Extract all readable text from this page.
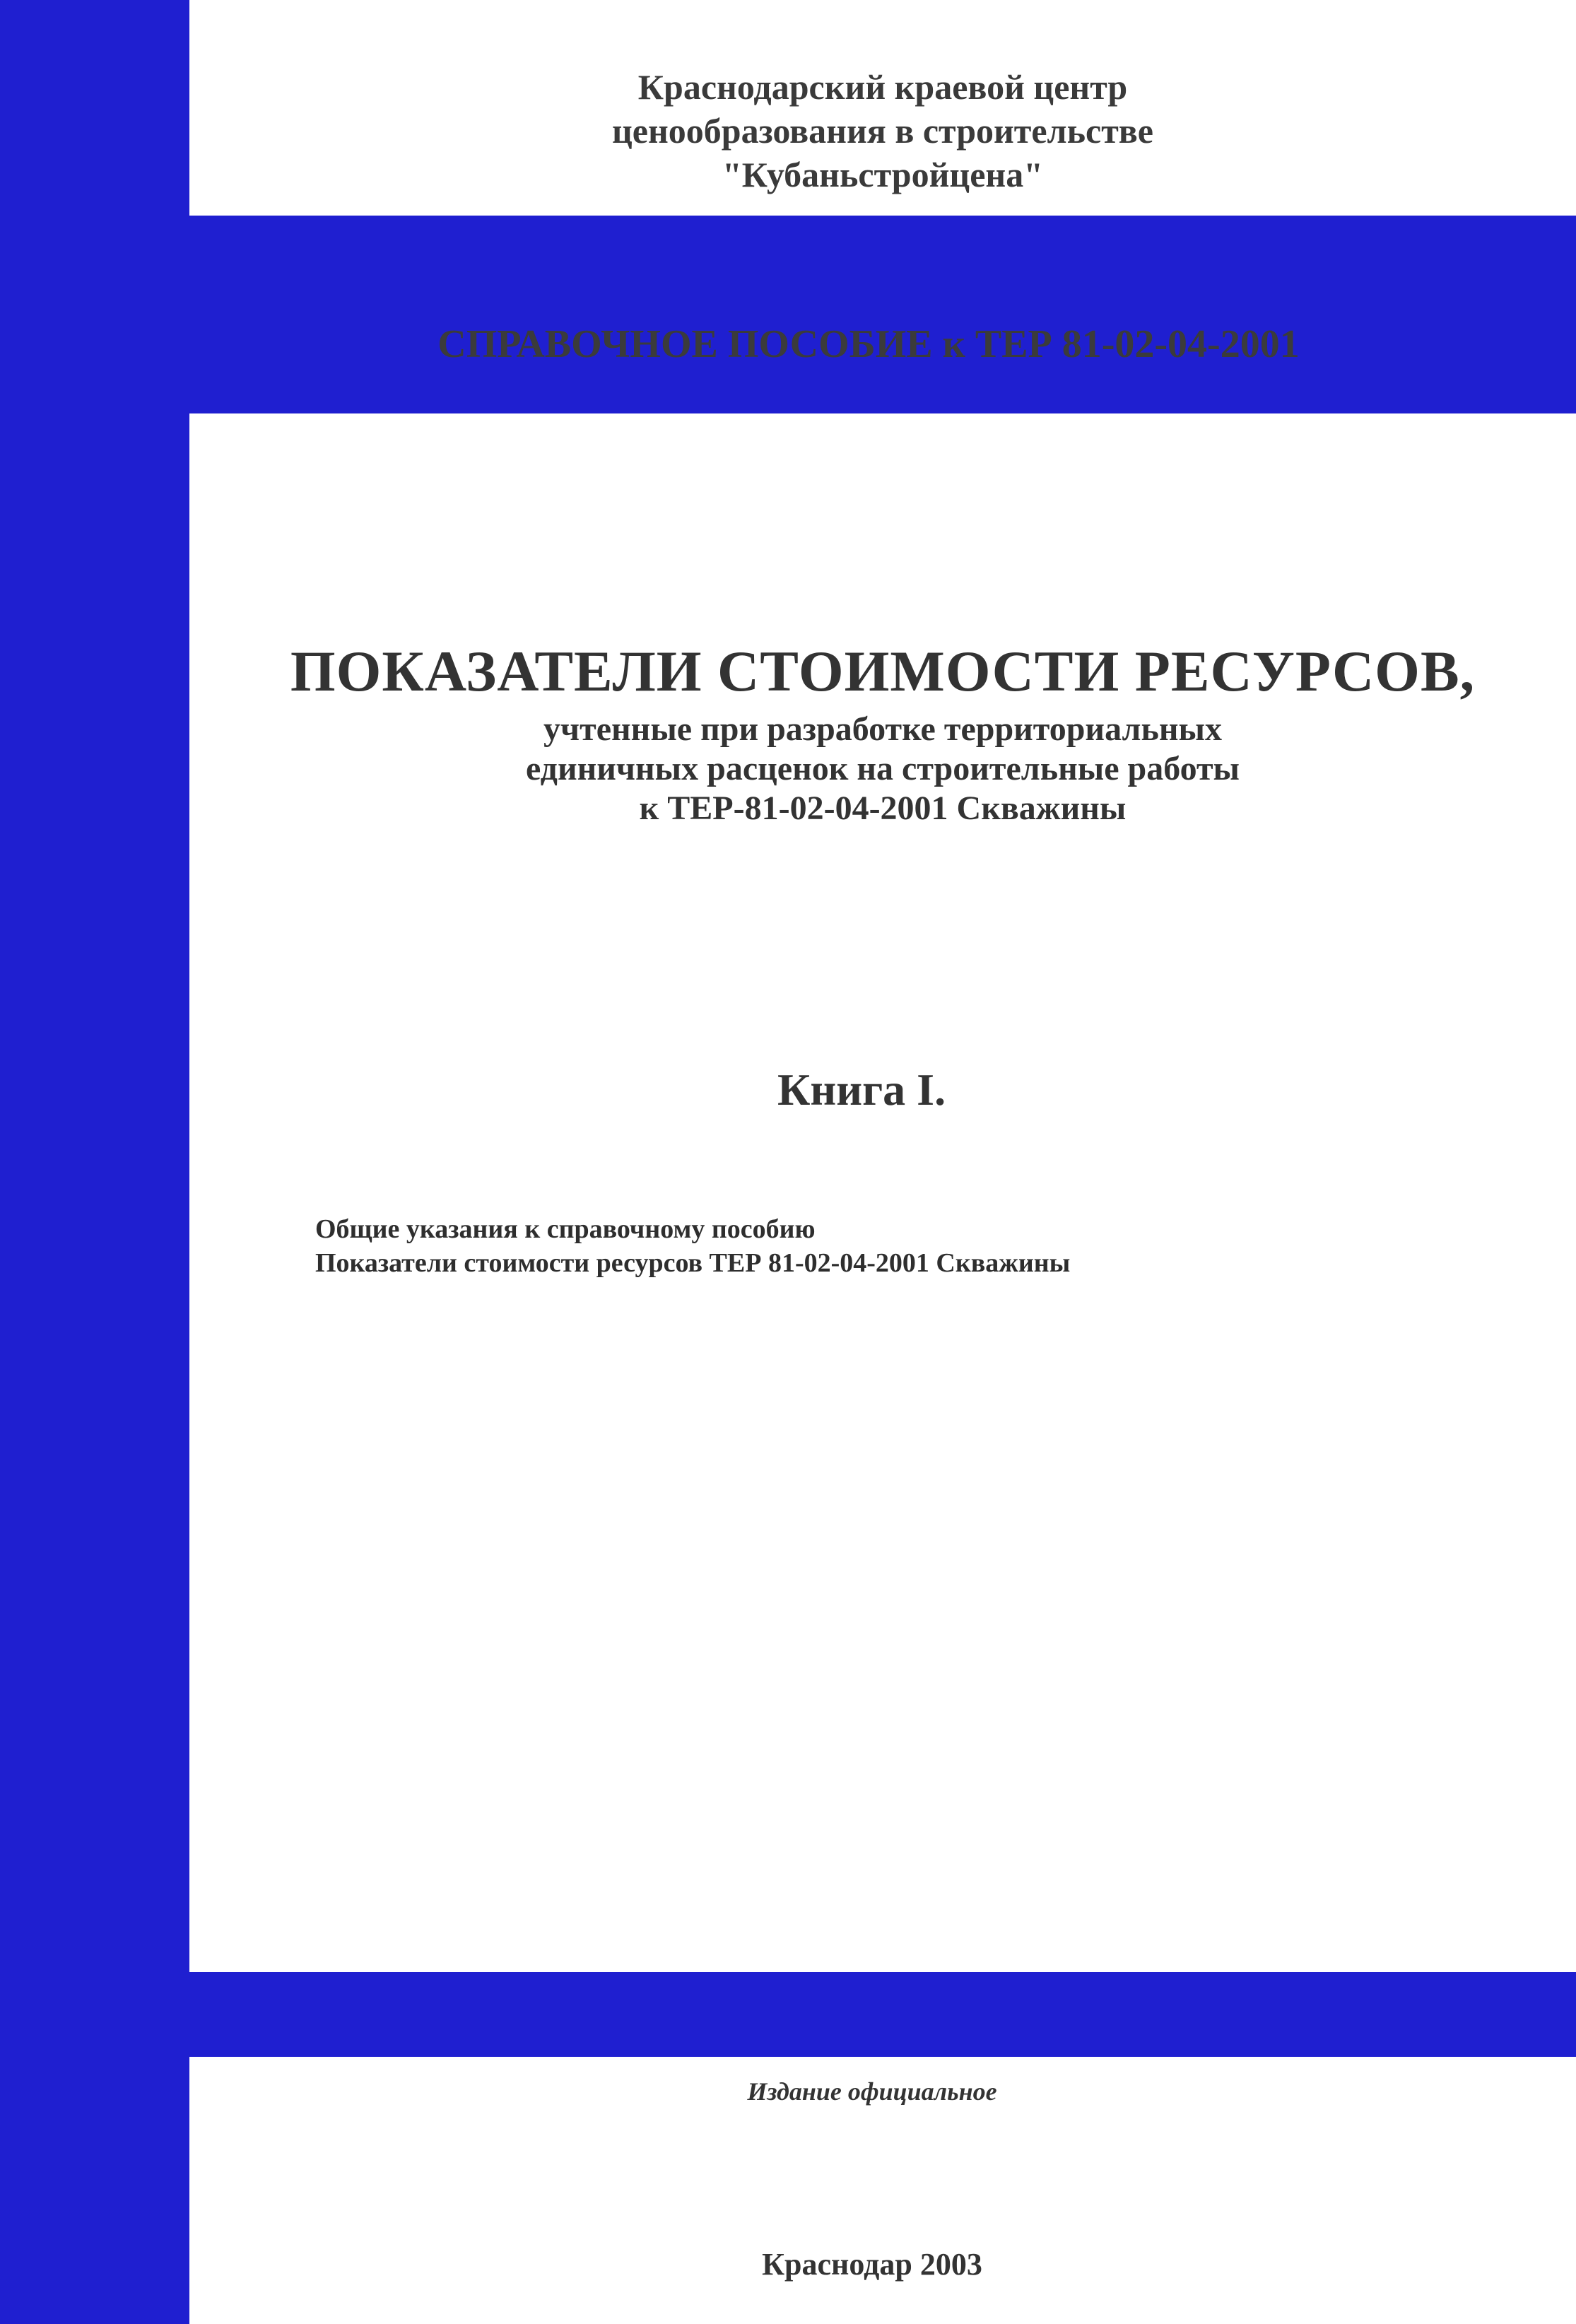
Краснодарский краевой центр
ценообразования в строительстве
"Кубаньстройцена"
СПРАВОЧНОЕ ПОСОБИЕ к ТЕР 81-02-04-2001
ПОКАЗАТЕЛИ СТОИМОСТИ РЕСУРСОВ,
учтенные при разработке территориальных
единичных расценок на строительные работы
к ТЕР-81-02-04-2001 Скважины
Книга I.
Общие указания к справочному пособию
Показатели стоимости ресурсов ТЕР 81-02-04-2001 Скважины
Издание официальное
Краснодар 2003
